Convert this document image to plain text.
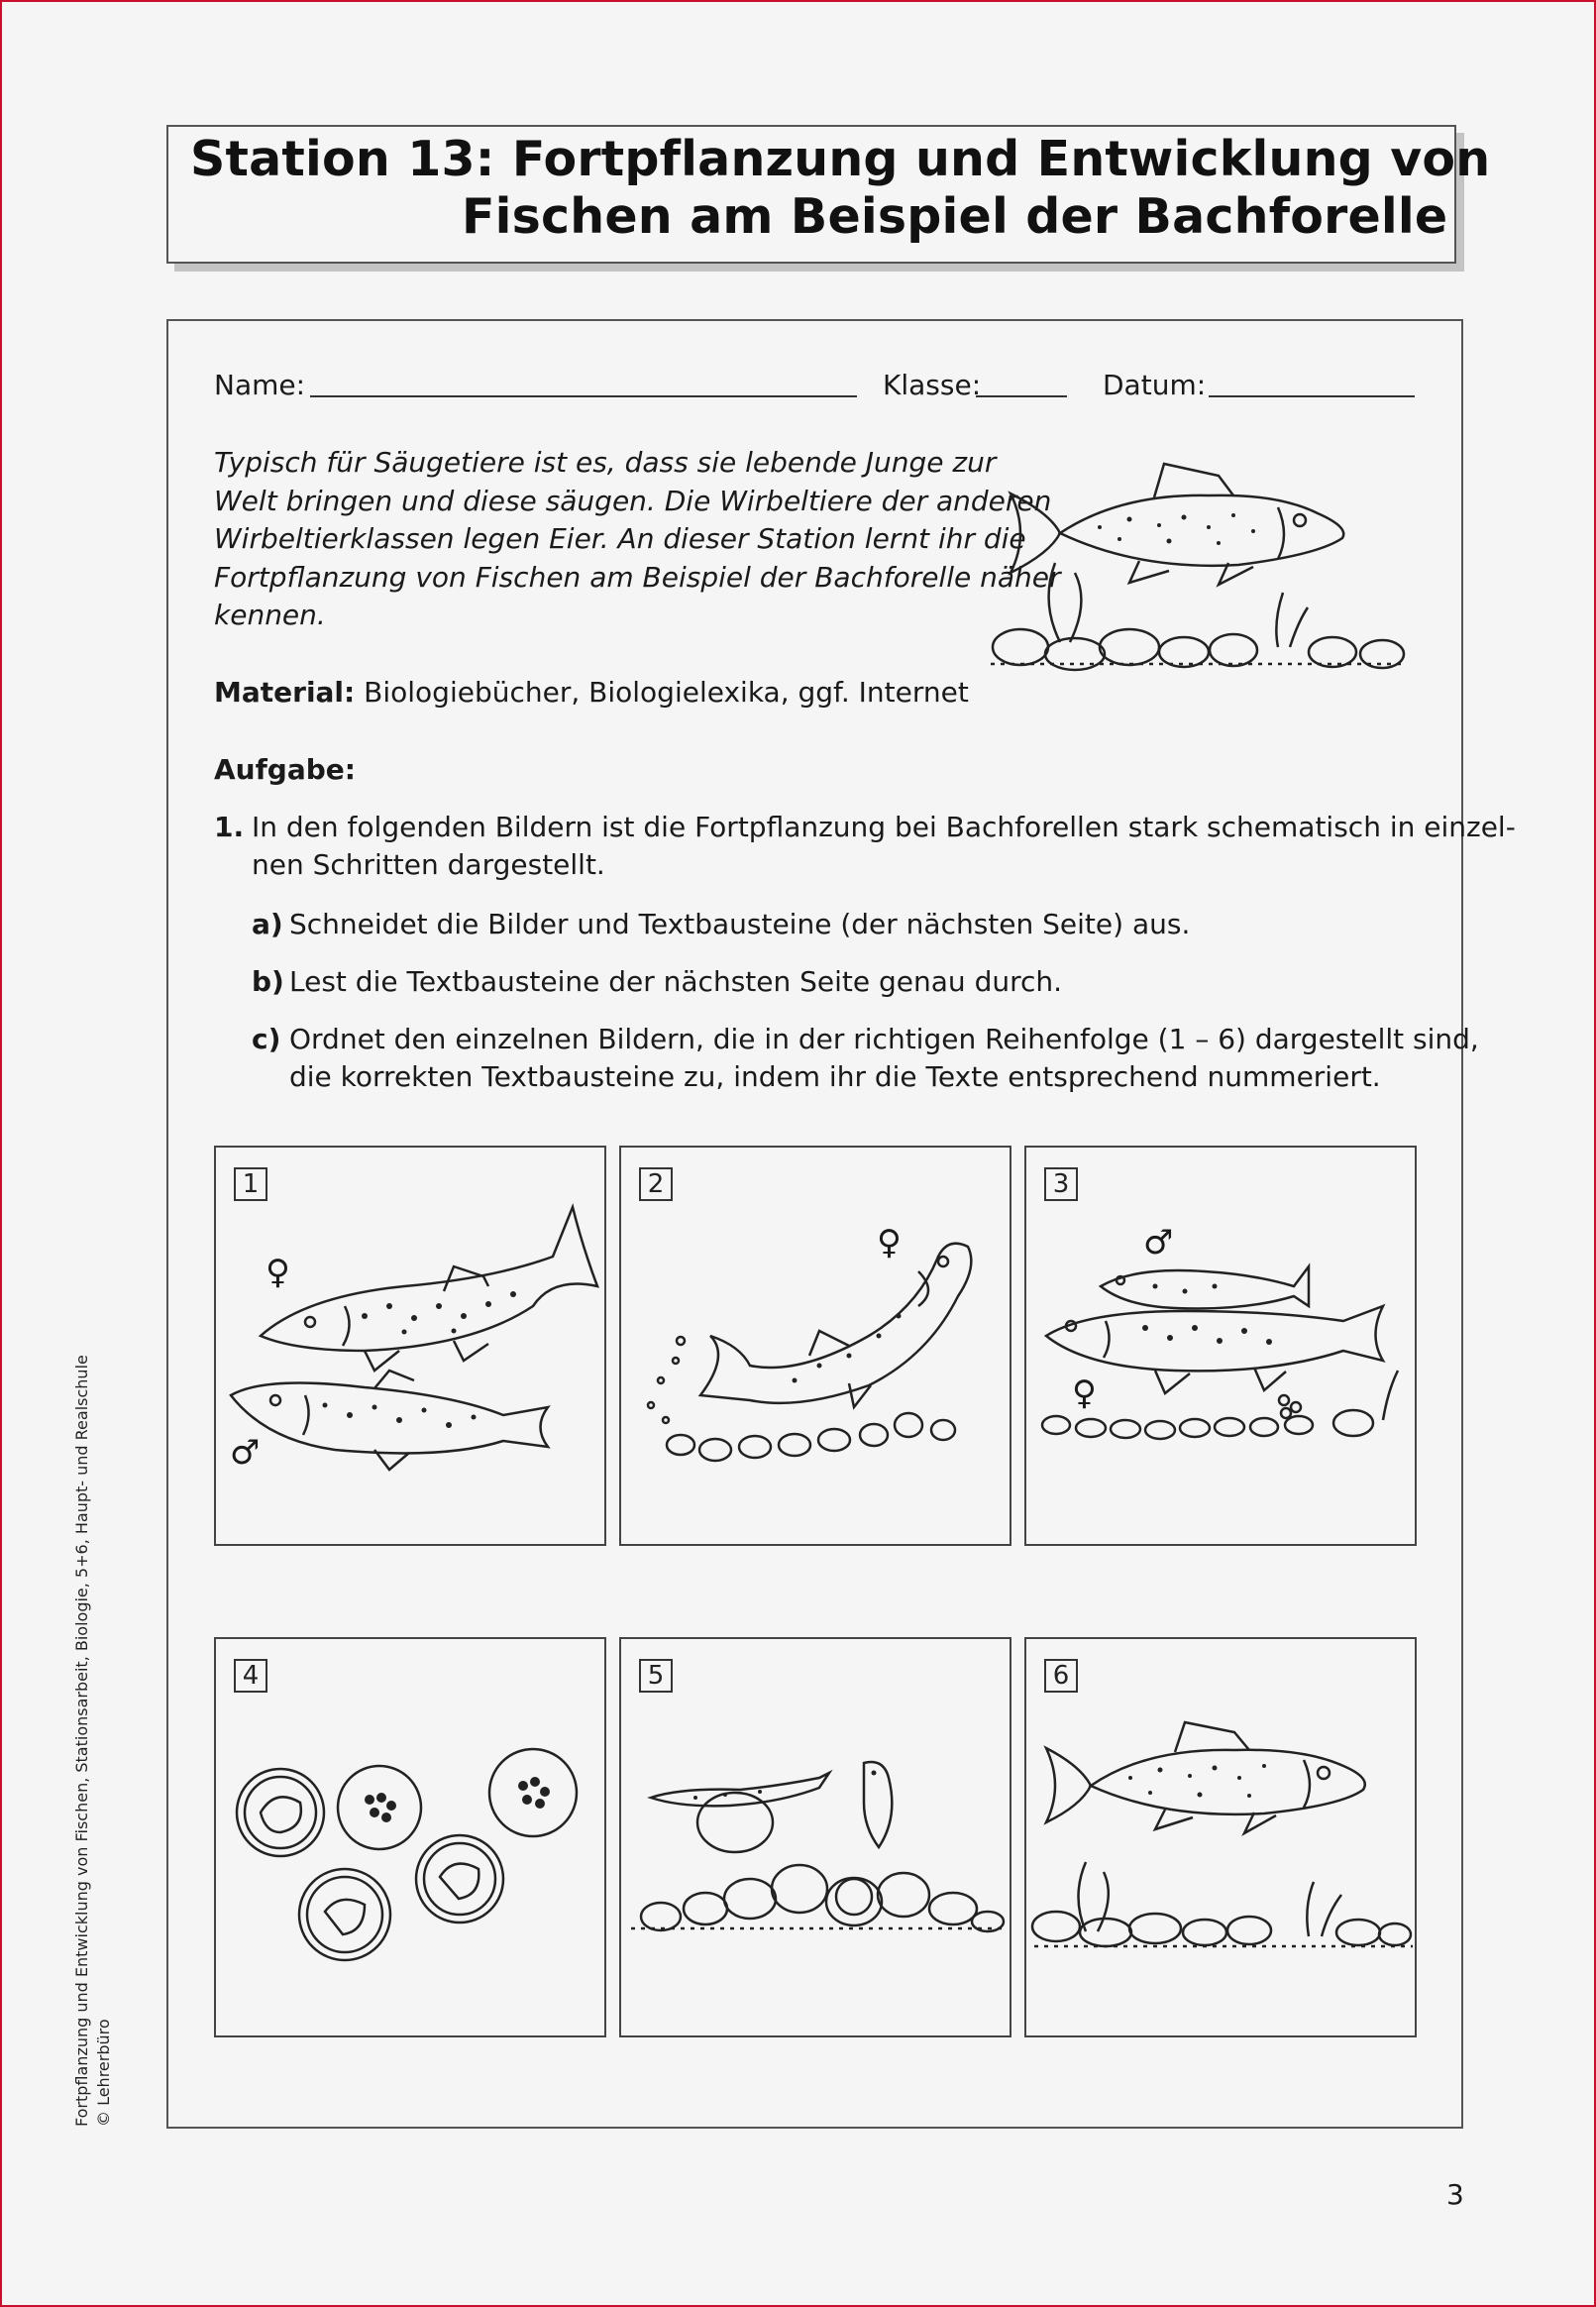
Station 13: Fortpflanzung und Entwicklung von
Fischen am Beispiel der Bachforelle
Name:	Klasse:	Datum:
Typisch für Säugetiere ist es, dass sie lebende Junge zur
Welt bringen und diese säugen. Die Wirbeltiere der anderen
Wirbeltierklassen legen Eier. An dieser Station lernt ihr die
Fortpflanzung von Fischen am Beispiel der Bachforelle näher
kennen.
Material: Biologiebücher, Biologielexika, ggf. Internet
Aufgabe:
1. In den folgenden Bildern ist die Fortpflanzung bei Bachforellen stark schematisch in einzel-
nen Schritten dargestellt.
a) Schneidet die Bilder und Textbausteine (der nächsten Seite) aus.
b) Lest die Textbausteine der nächsten Seite genau durch.
c) Ordnet den einzelnen Bildern, die in der richtigen Reihenfolge (1 – 6) dargestellt sind,
die korrekten Textbausteine zu, indem ihr die Texte entsprechend nummeriert.
1
♀
♂
2
♀
3
♂
♀
4	5	6
Fortpflanzung und Entwicklung von Fischen, Stationsarbeit, Biologie, 5+6, Haupt- und Realschule © Lehrerbüro
3
